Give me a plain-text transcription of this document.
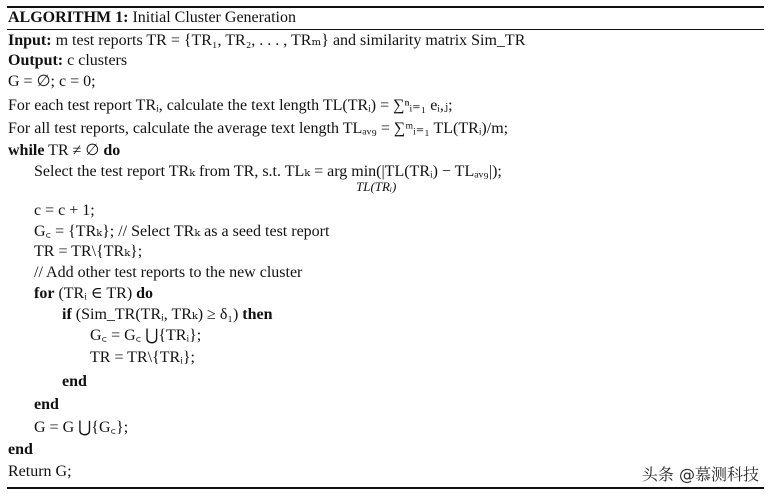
ALGORITHM 1: Initial Cluster Generation
Input: m test reports TR = {TR₁, TR₂, . . . , TRₘ} and similarity matrix Sim_TR
Output: c clusters
G = ∅; c = 0;
For each test report TRᵢ, calculate the text length TL(TRᵢ) = ∑ⁿᵢ₌₁ eᵢ,ⱼ;
For all test reports, calculate the average text length TLₐᵥ₉ = ∑ᵐᵢ₌₁ TL(TRᵢ)/m;
while TR ≠ ∅ do
Select the test report TRₖ from TR, s.t. TLₖ = arg min(|TL(TRᵢ) − TLₐᵥ₉|);
TL(TRᵢ)
c = c + 1;
G꜀ = {TRₖ}; // Select TRₖ as a seed test report
TR = TR\{TRₖ};
// Add other test reports to the new cluster
for (TRᵢ ∈ TR) do
if (Sim_TR(TRᵢ, TRₖ) ≥ δ₁) then
G꜀ = G꜀ ⋃{TRᵢ};
TR = TR\{TRᵢ};
end
end
G = G ⋃{G꜀};
end
Return G;	头条 @慕测科技
